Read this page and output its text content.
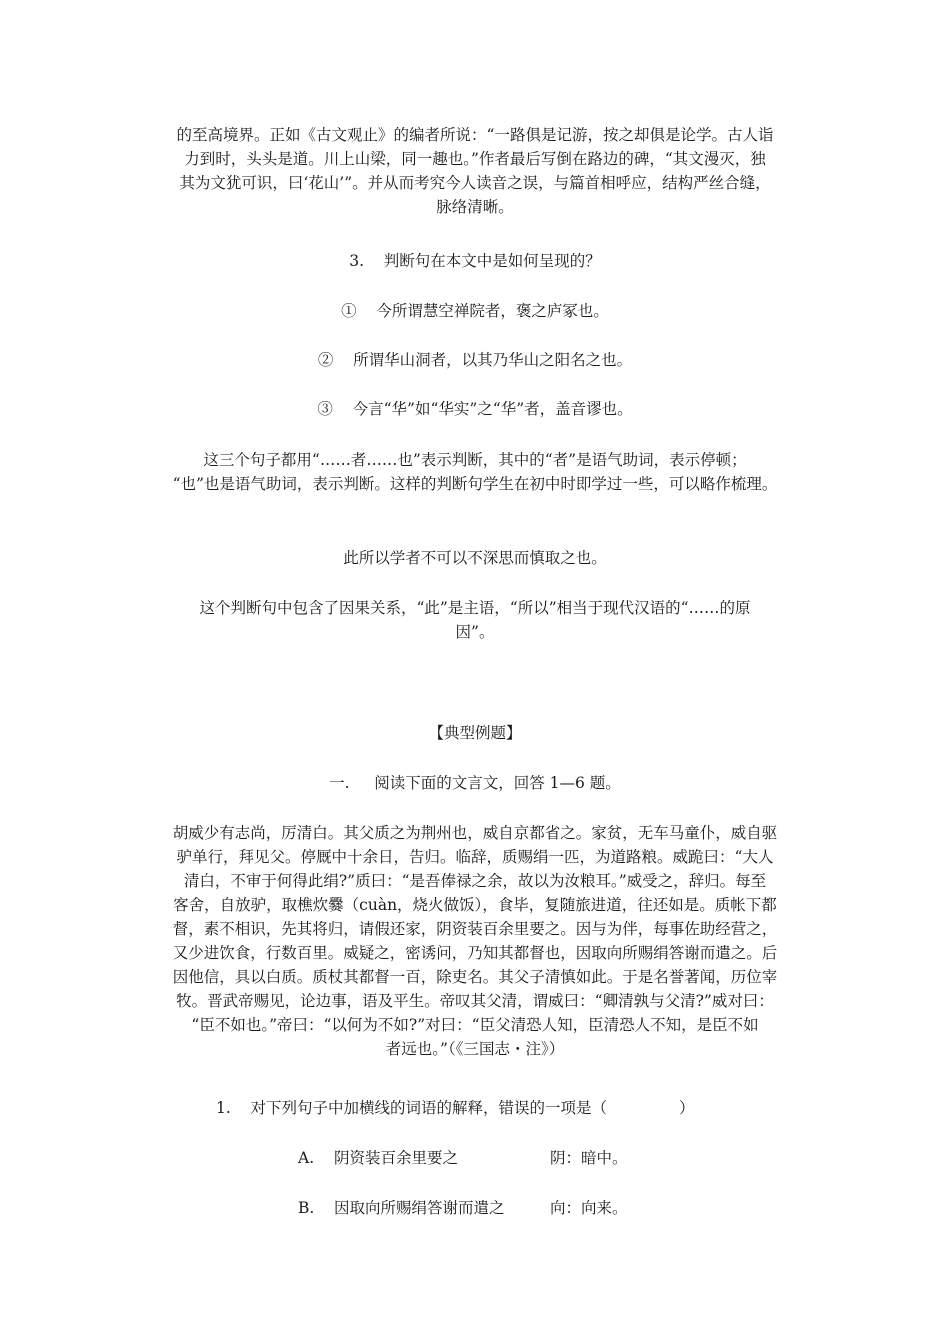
的至高境界。正如《古文观止》的编者所说：“一路俱是记游，按之却俱是论学。古人诣
力到时，头头是道。川上山梁，同一趣也。”作者最后写倒在路边的碑，“其文漫灭，独
其为文犹可识，曰‘花山’”。并从而考究今人读音之误，与篇首相呼应，结构严丝合缝，
脉络清晰。
3. 判断句在本文中是如何呈现的？
① 今所谓慧空禅院者，褒之庐冢也。
② 所谓华山洞者，以其乃华山之阳名之也。
③ 今言“华”如“华实”之“华”者，盖音谬也。
这三个句子都用“……者……也”表示判断，其中的“者”是语气助词，表示停顿；
“也”也是语气助词，表示判断。这样的判断句学生在初中时即学过一些，可以略作梳理。
此所以学者不可以不深思而慎取之也。
这个判断句中包含了因果关系，“此”是主语，“所以”相当于现代汉语的“……的原
因”。
【典型例题】
一. 阅读下面的文言文，回答 1—6 题。
胡威少有志尚，厉清白。其父质之为荆州也，威自京都省之。家贫，无车马童仆，威自驱
驴单行，拜见父。停厩中十余日，告归。临辞，质赐绢一匹，为道路粮。威跪曰：“大人
清白，不审于何得此绢?”质曰：“是吾俸禄之余，故以为汝粮耳。”威受之，辞归。每至
客舍，自放驴，取樵炊爨（cuàn，烧火做饭），食毕，复随旅进道，往还如是。质帐下都
督，素不相识，先其将归，请假还家，阴资装百余里要之。因与为伴，每事佐助经营之，
又少进饮食，行数百里。威疑之，密诱问，乃知其都督也，因取向所赐绢答谢而遣之。后
因他信，具以白质。质杖其都督一百，除吏名。其父子清慎如此。于是名誉著闻，历位宰
牧。晋武帝赐见，论边事，语及平生。帝叹其父清，谓威曰：“卿清孰与父清?”威对曰：
“臣不如也。”帝曰：“以何为不如?”对曰：“臣父清恐人知，臣清恐人不知，是臣不如
者远也。”（《三国志・注》）
1. 对下列句子中加横线的词语的解释，错误的一项是（	）
A. 阴资装百余里要之	阴：暗中。
B. 因取向所赐绢答谢而遣之	向：向来。
